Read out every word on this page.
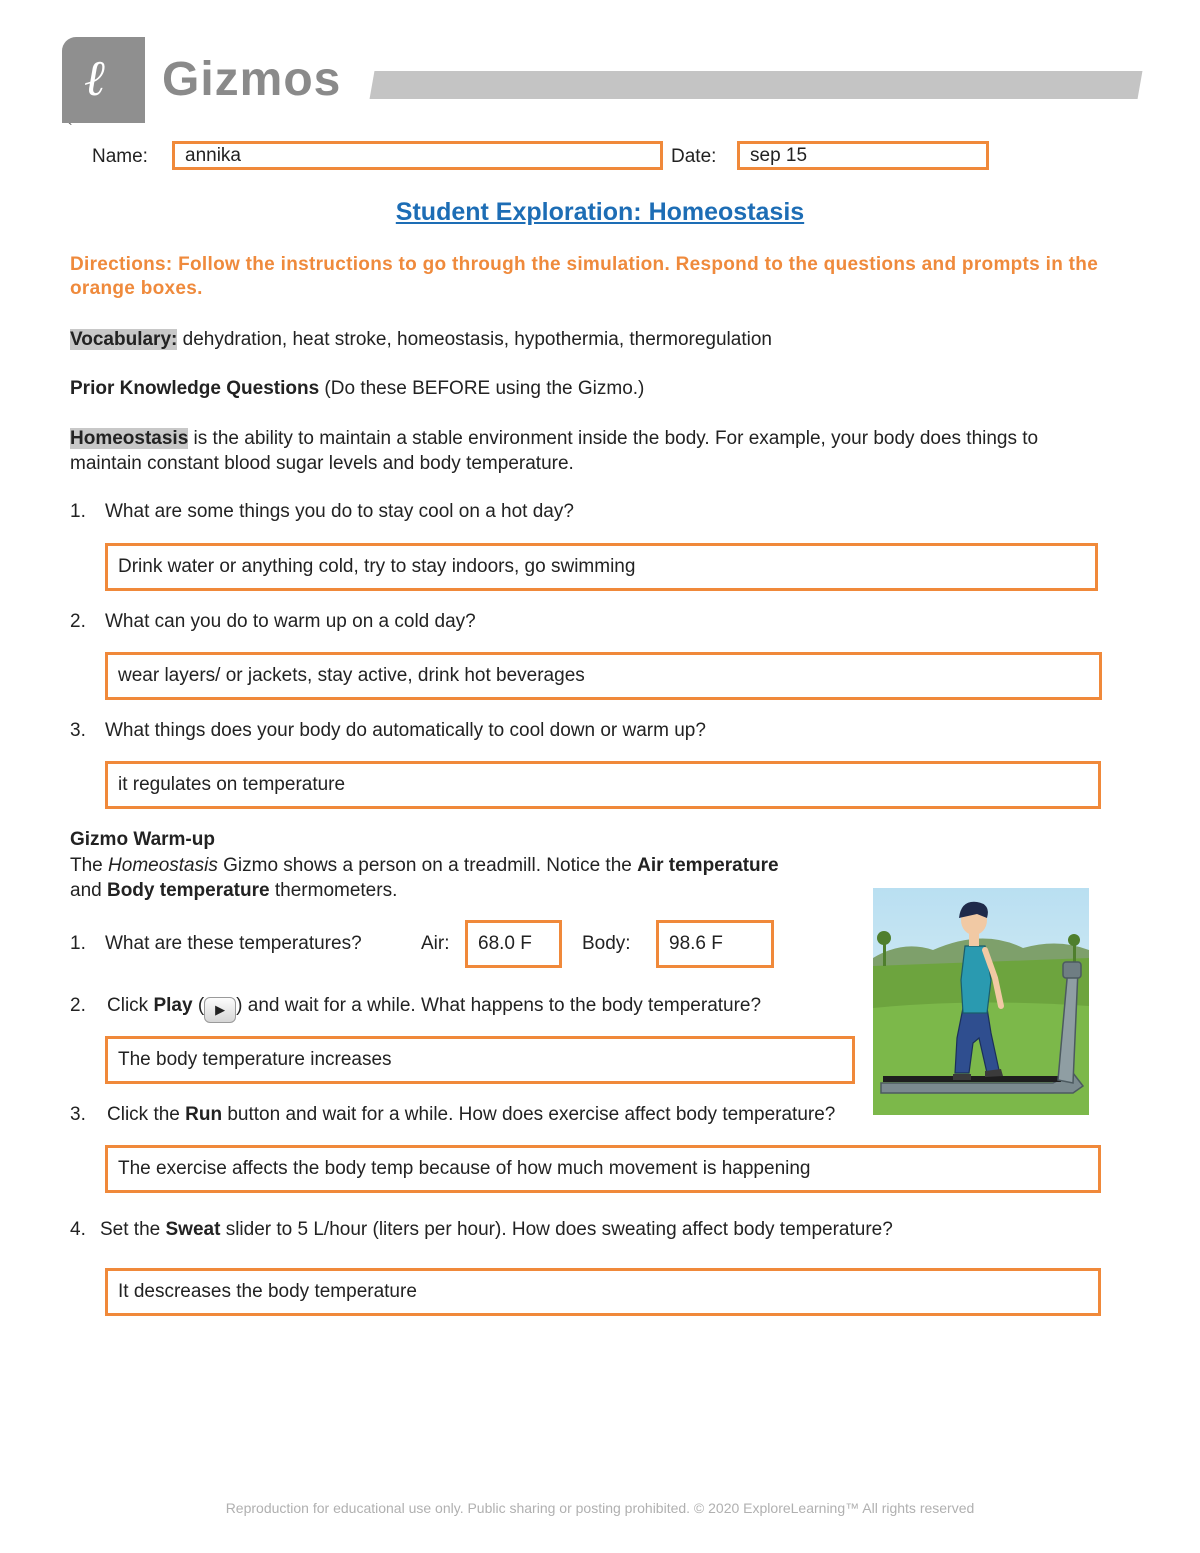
ℓ Gizmos
`
Name:	annika	Date:	sep 15
Student Exploration: Homeostasis
Directions: Follow the instructions to go through the simulation. Respond to the questions and prompts in the orange boxes.
Vocabulary: dehydration, heat stroke, homeostasis, hypothermia, thermoregulation
Prior Knowledge Questions (Do these BEFORE using the Gizmo.)
Homeostasis is the ability to maintain a stable environment inside the body. For example, your body does things to maintain constant blood sugar levels and body temperature.
1. What are some things you do to stay cool on a hot day?
Drink water or anything cold, try to stay indoors, go swimming
2. What can you do to warm up on a cold day?
wear layers/ or jackets, stay active, drink hot beverages
3. What things does your body do automatically to cool down or warm up?
it regulates on temperature
Gizmo Warm-up
The Homeostasis Gizmo shows a person on a treadmill. Notice the Air temperature
and Body temperature thermometers.
1. What are these temperatures?	Air:	68.0 F	Body:	98.6 F
2. Click Play ( ▶ ) and wait for a while. What happens to the body temperature?
The body temperature increases
3. Click the Run button and wait for a while. How does exercise affect body temperature?
The exercise affects the body temp because of how much movement is happening
4. Set the Sweat slider to 5 L/hour (liters per hour). How does sweating affect body temperature?
It descreases the body temperature
Reproduction for educational use only. Public sharing or posting prohibited. © 2020 ExploreLearning™ All rights reserved
